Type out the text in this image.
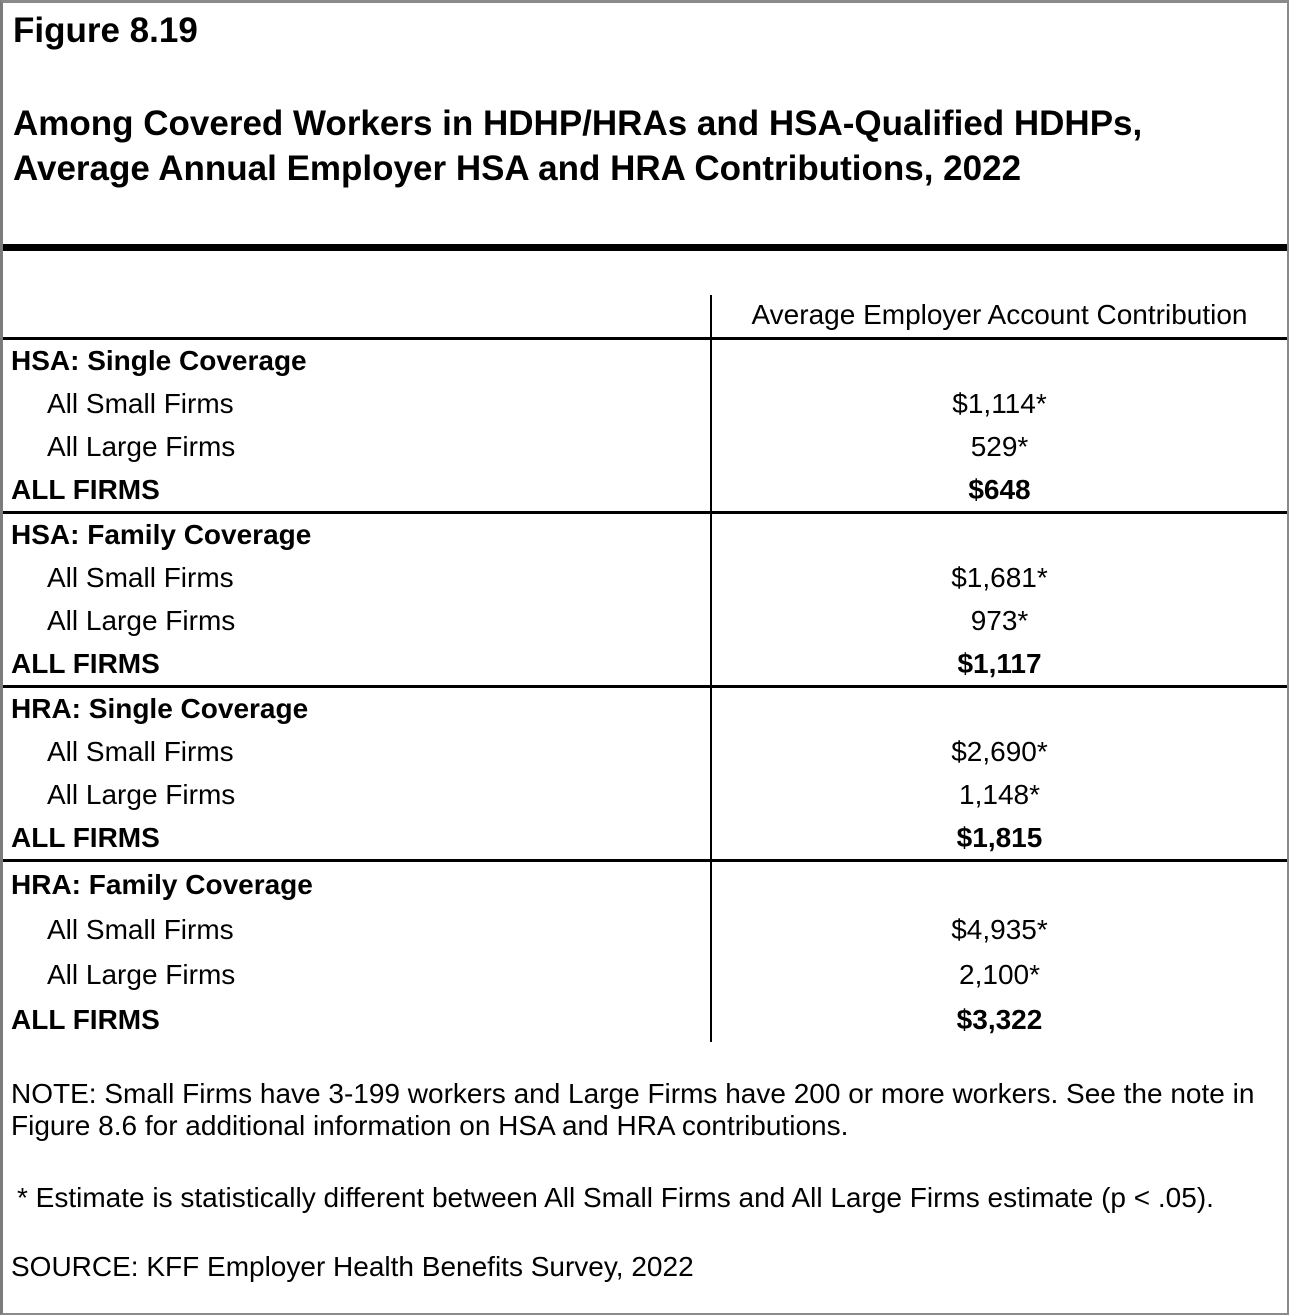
Figure 8.19
Among Covered Workers in HDHP/HRAs and HSA-Qualified HDHPs,
Average Annual Employer HSA and HRA Contributions, 2022
Average Employer Account Contribution
HSA: Single Coverage
All Small Firms	$1,114*
All Large Firms	529*
ALL FIRMS	$648
HSA: Family Coverage
All Small Firms	$1,681*
All Large Firms	973*
ALL FIRMS	$1,117
HRA: Single Coverage
All Small Firms	$2,690*
All Large Firms	1,148*
ALL FIRMS	$1,815
HRA: Family Coverage
All Small Firms	$4,935*
All Large Firms	2,100*
ALL FIRMS	$3,322

NOTE: Small Firms have 3-199 workers and Large Firms have 200 or more workers. See the note in Figure 8.6 for additional information on HSA and HRA contributions.

* Estimate is statistically different between All Small Firms and All Large Firms estimate (p < .05).

SOURCE: KFF Employer Health Benefits Survey, 2022
